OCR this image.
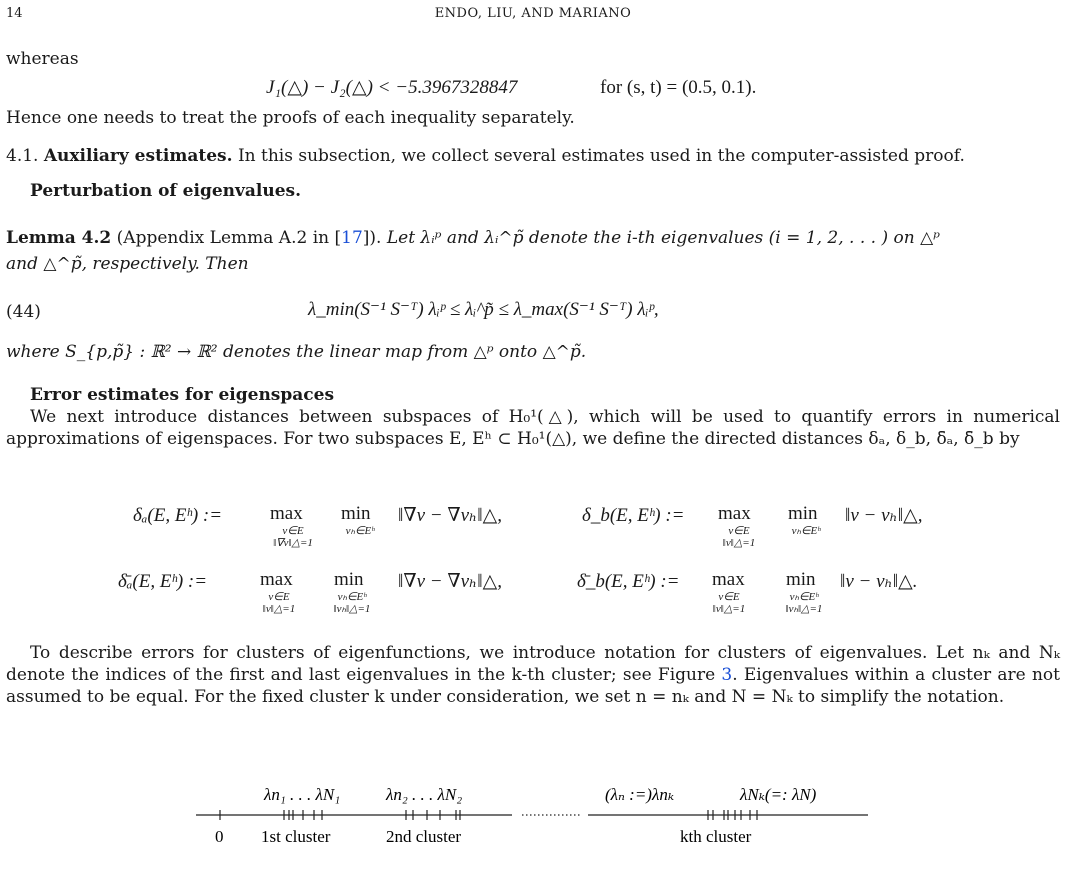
14	ENDO, LIU, AND MARIANO
whereas
J₁(△) − J₂(△) < −5.3967328847	for (s, t) = (0.5, 0.1).
Hence one needs to treat the proofs of each inequality separately.
4.1. Auxiliary estimates. In this subsection, we collect several estimates used in the computer-assisted proof.
Perturbation of eigenvalues.
Lemma 4.2 (Appendix Lemma A.2 in [17]). Let λᵢᵖ and λᵢ^p̃ denote the i-th eigenvalues (i = 1, 2, . . . ) on △ᵖ
and △^p̃, respectively. Then
(44)	λ_min(S⁻¹ S⁻ᵀ) λᵢᵖ ≤ λᵢ^p̃ ≤ λ_max(S⁻¹ S⁻ᵀ) λᵢᵖ,
where S_{p,p̃} : ℝ² → ℝ² denotes the linear map from △ᵖ onto △^p̃.
Error estimates for eigenspaces
We next introduce distances between subspaces of H₀¹(△), which will be used to quantify errors in numerical approximations of eigenspaces. For two subspaces E, Eʰ ⊂ H₀¹(△), we define the directed distances δₐ, δ_b, δ̄ₐ, δ̄_b by
δₐ(E, Eʰ) :=	max
v∈E
‖∇v‖△=1
min
vₕ∈Eʰ
‖∇v − ∇vₕ‖△,	δ_b(E, Eʰ) := max
v∈E
‖v‖△=1
min
vₕ∈Eʰ
‖v − vₕ‖△,
δ̄ₐ(E, Eʰ) :=	max
v∈E
‖v‖△=1
min
vₕ∈Eʰ
‖vₕ‖△=1
‖∇v − ∇vₕ‖△,	δ̄_b(E, Eʰ) := max
v∈E
‖v‖△=1
min
vₕ∈Eʰ
‖vₕ‖△=1
‖v − vₕ‖△.
To describe errors for clusters of eigenfunctions, we introduce notation for clusters of eigenvalues. Let nₖ and Nₖ denote the indices of the first and last eigenvalues in the k-th cluster; see Figure 3. Eigenvalues within a cluster are not assumed to be equal. For the fixed cluster k under consideration, we set n = nₖ and N = Nₖ to simplify the notation.
λn₁ . . . λN₁	λn₂ . . . λN₂	(λₙ :=)λnₖ	λNₖ(=: λN)
0 1st cluster	2nd cluster	kth cluster
